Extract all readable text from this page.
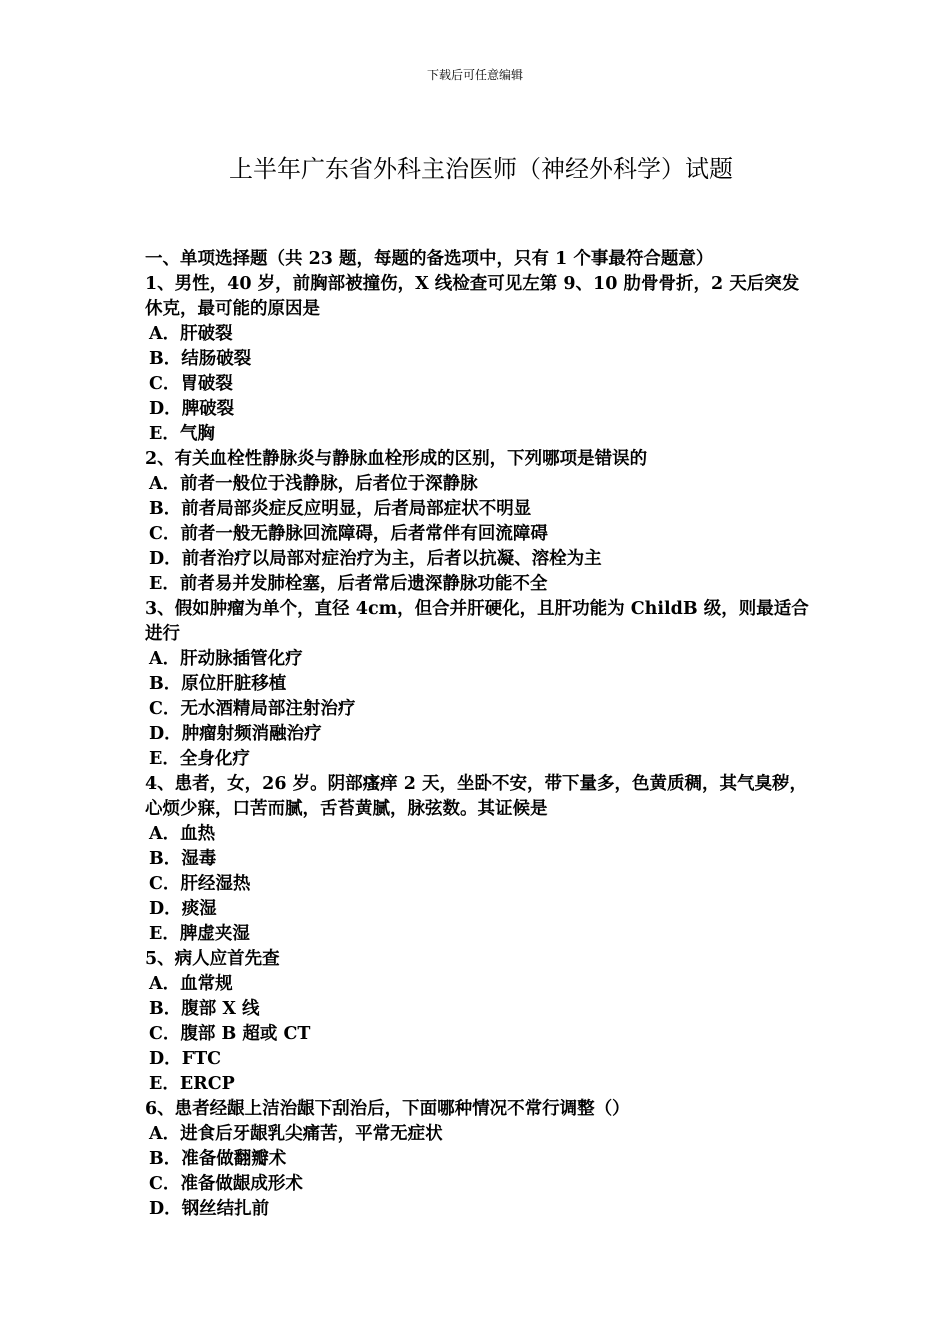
下载后可任意编辑
上半年广东省外科主治医师（神经外科学）试题

一、单项选择题（共 23 题，每题的备选项中，只有 1 个事最符合题意）

1、男性，40 岁，前胸部被撞伤，X 线检查可见左第 9、10 肋骨骨折，2 天后突发休克，最可能的原因是

A．肝破裂

B．结肠破裂

C．胃破裂

D．脾破裂

E．气胸

2、有关血栓性静脉炎与静脉血栓形成的区别，下列哪项是错误的

A．前者一般位于浅静脉，后者位于深静脉

B．前者局部炎症反应明显，后者局部症状不明显

C．前者一般无静脉回流障碍，后者常伴有回流障碍

D．前者治疗以局部对症治疗为主，后者以抗凝、溶栓为主

E．前者易并发肺栓塞，后者常后遗深静脉功能不全

3、假如肿瘤为单个，直径 4cm，但合并肝硬化，且肝功能为 ChildB 级，则最适合进行

A．肝动脉插管化疗

B．原位肝脏移植

C．无水酒精局部注射治疗

D．肿瘤射频消融治疗

E．全身化疗

4、患者，女，26 岁。阴部瘙痒 2 天，坐卧不安，带下量多，色黄质稠，其气臭秽，心烦少寐，口苦而腻，舌苔黄腻，脉弦数。其证候是

A．血热

B．湿毒

C．肝经湿热

D．痰湿

E．脾虚夹湿

5、病人应首先查

A．血常规

B．腹部 X 线

C．腹部 B 超或 CT

D．FTC

E．ERCP

6、患者经龈上洁治龈下刮治后，下面哪种情况不常行调整（）

A．进食后牙龈乳尖痛苦，平常无症状

B．准备做翻瓣术

C．准备做龈成形术

D．钢丝结扎前
